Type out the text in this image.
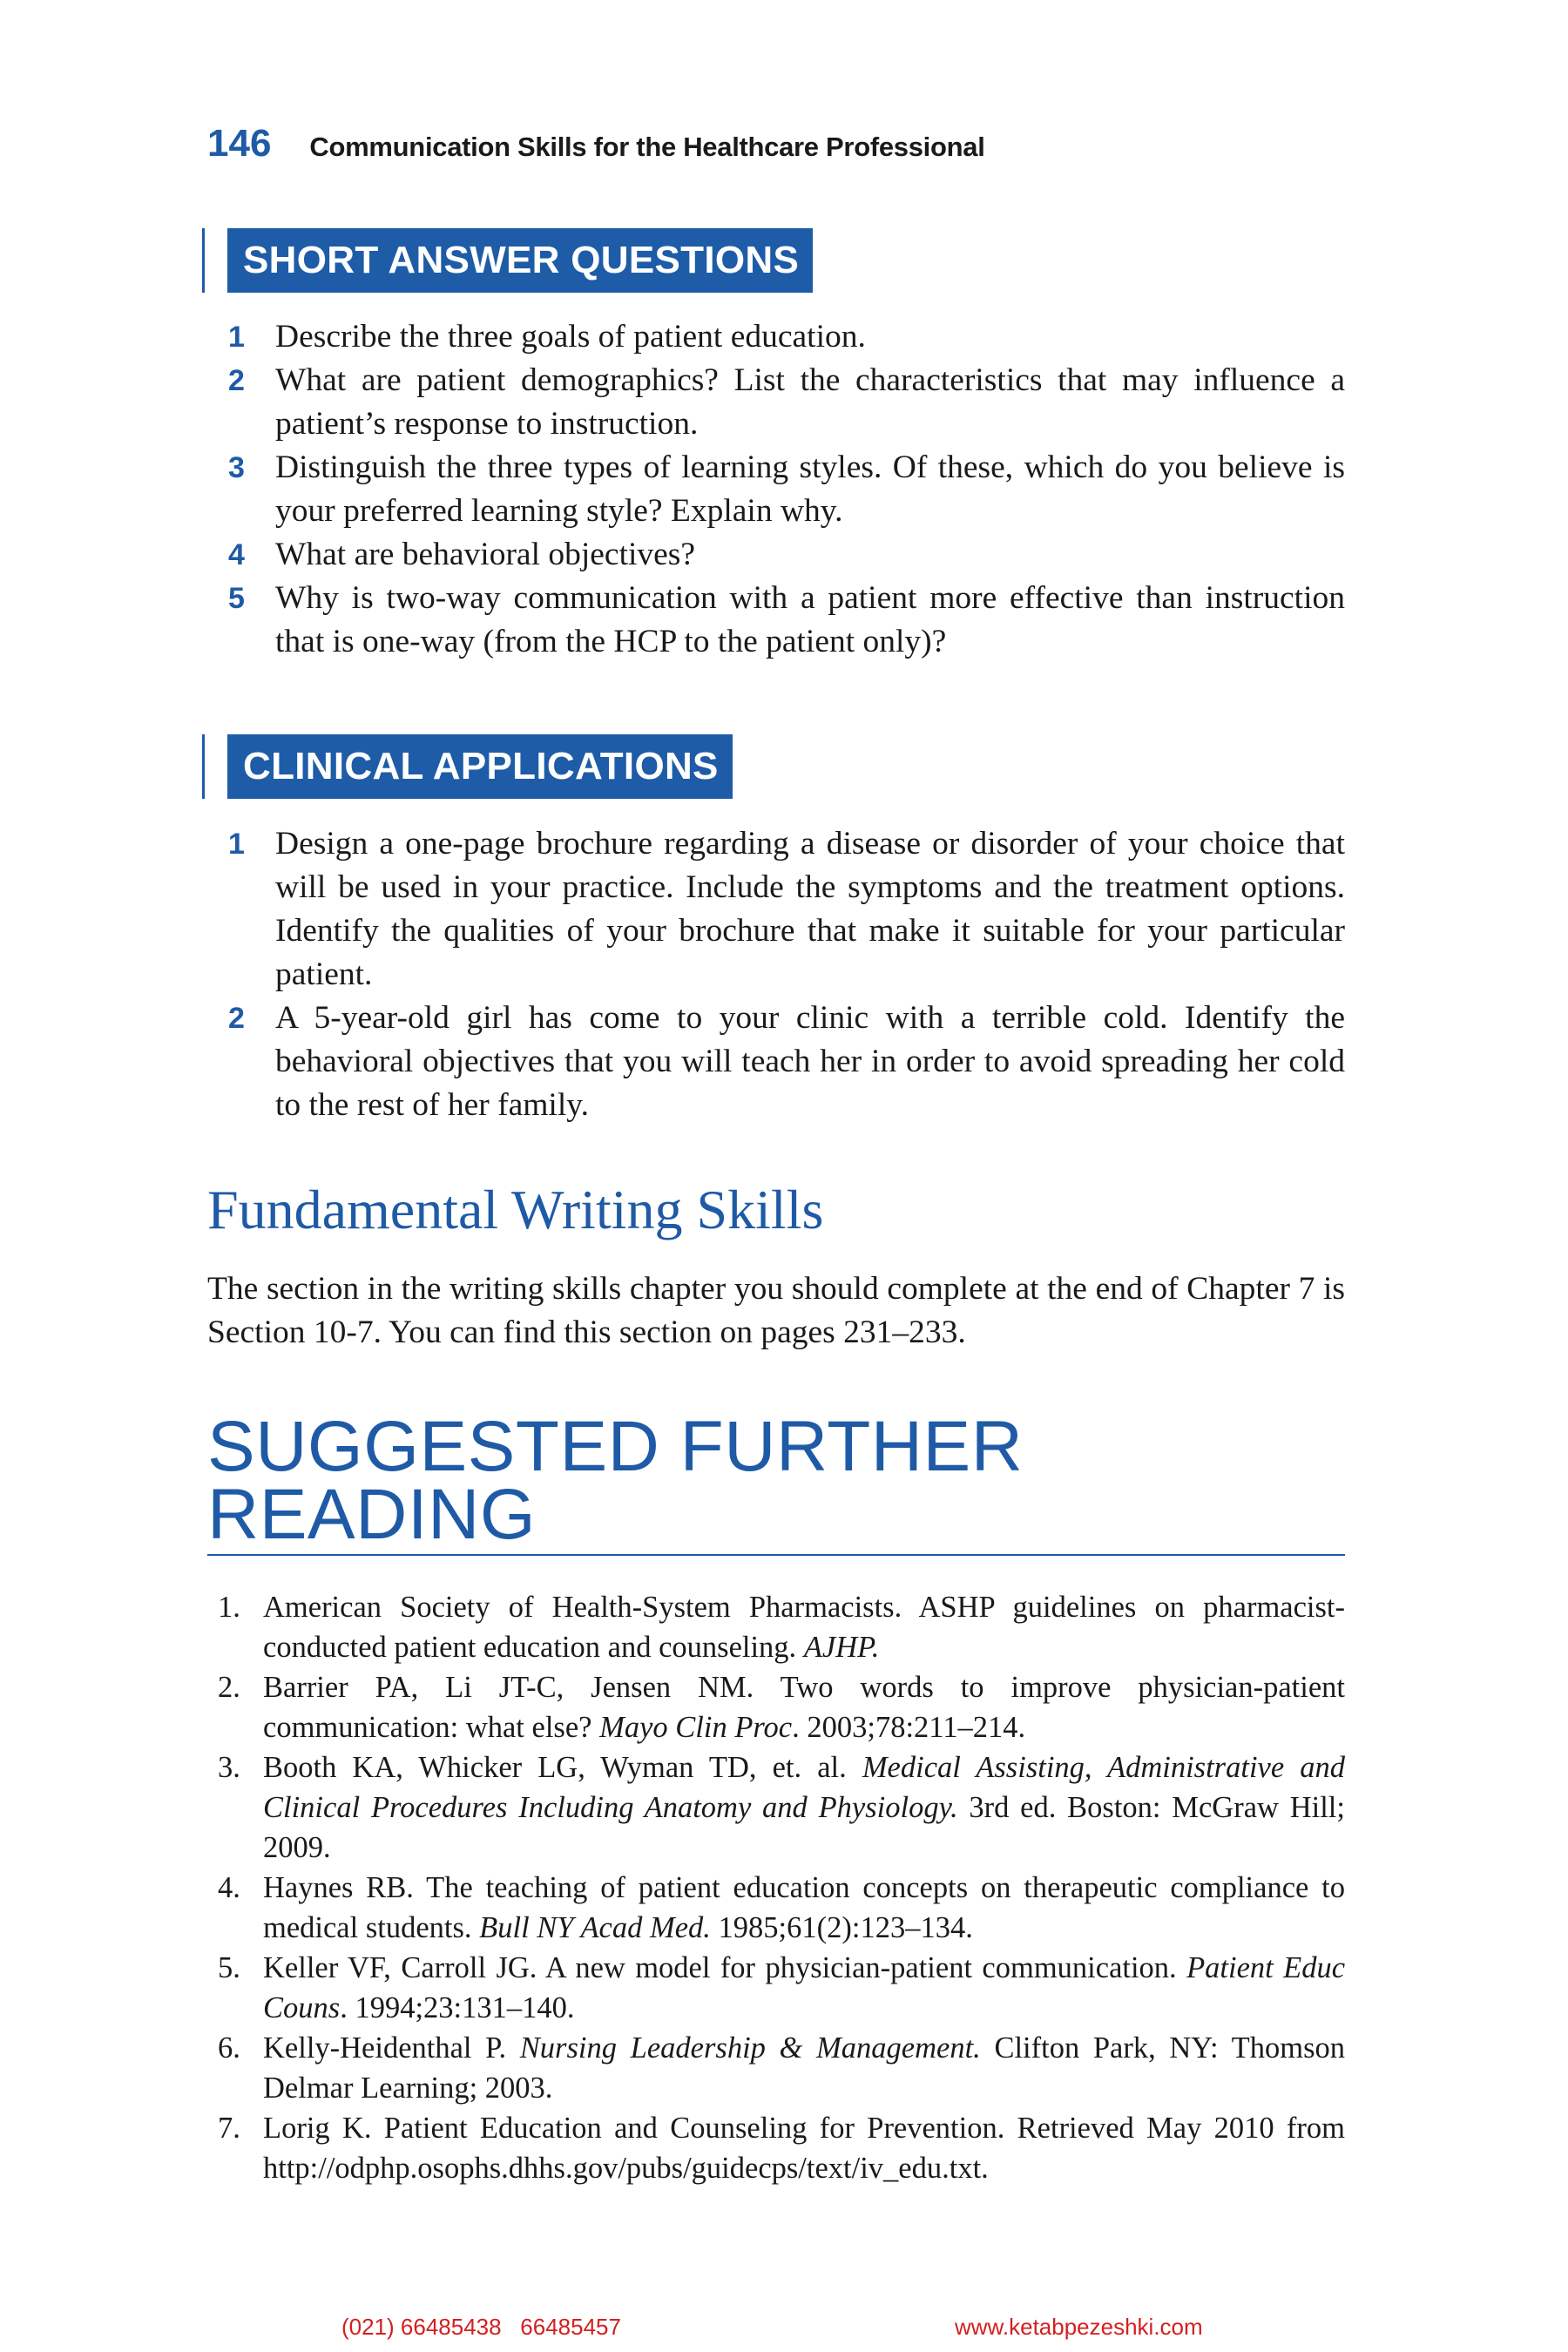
146 Communication Skills for the Healthcare Professional
SHORT ANSWER QUESTIONS
1 Describe the three goals of patient education.
2 What are patient demographics? List the characteristics that may influence a patient’s response to instruction.
3 Distinguish the three types of learning styles. Of these, which do you believe is your preferred learning style? Explain why.
4 What are behavioral objectives?
5 Why is two-way communication with a patient more effective than instruction that is one-way (from the HCP to the patient only)?
CLINICAL APPLICATIONS
1 Design a one-page brochure regarding a disease or disorder of your choice that will be used in your practice. Include the symptoms and the treatment options. Identify the qualities of your brochure that make it suitable for your particular patient.
2 A 5-year-old girl has come to your clinic with a terrible cold. Identify the behavioral objectives that you will teach her in order to avoid spreading her cold to the rest of her family.
Fundamental Writing Skills
The section in the writing skills chapter you should complete at the end of Chapter 7 is Section 10-7. You can find this section on pages 231–233.
SUGGESTED FURTHER
READING
1. American Society of Health-System Pharmacists. ASHP guidelines on pharmacist-conducted patient education and counseling. AJHP.
2. Barrier PA, Li JT-C, Jensen NM. Two words to improve physician-patient communication: what else? Mayo Clin Proc. 2003;78:211–214.
3. Booth KA, Whicker LG, Wyman TD, et. al. Medical Assisting, Administrative and Clinical Procedures Including Anatomy and Physiology. 3rd ed. Boston: McGraw Hill; 2009.
4. Haynes RB. The teaching of patient education concepts on therapeutic compliance to medical students. Bull NY Acad Med. 1985;61(2):123–134.
5. Keller VF, Carroll JG. A new model for physician-patient communication. Patient Educ Couns. 1994;23:131–140.
6. Kelly-Heidenthal P. Nursing Leadership & Management. Clifton Park, NY: Thomson Delmar Learning; 2003.
7. Lorig K. Patient Education and Counseling for Prevention. Retrieved May 2010 from http://odphp.osophs.dhhs.gov/pubs/guidecps/text/iv_edu.txt.
(021) 66485438   66485457	www.ketabpezeshki.com
